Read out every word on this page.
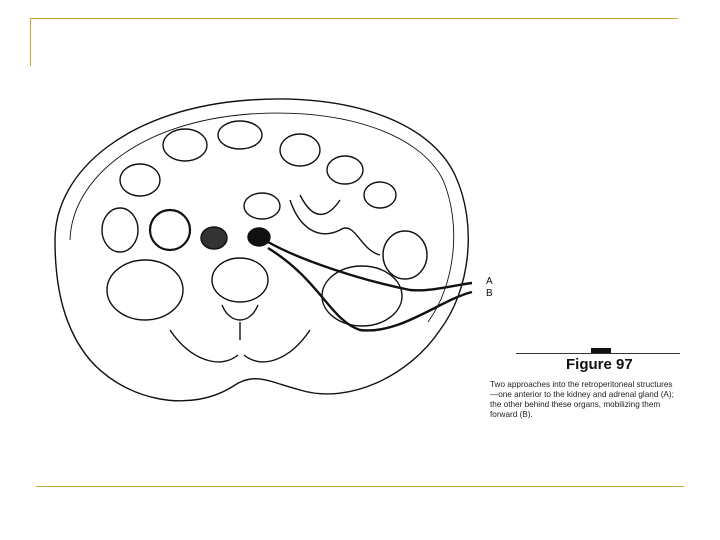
A
B
Figure 97
Two approaches into the retroperitoneal structures—one anterior to the kidney and adrenal gland (A); the other behind these organs, mobilizing them forward (B).
